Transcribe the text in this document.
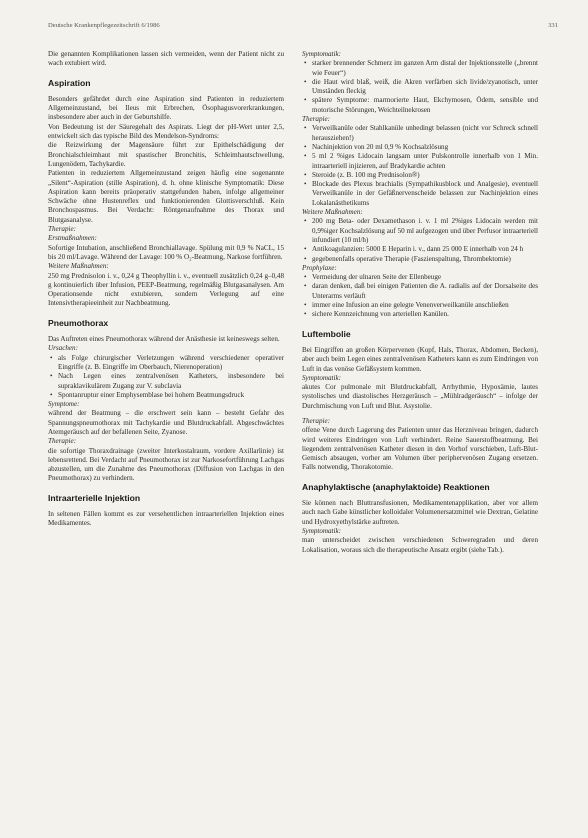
Deutsche Krankenpflegezeitschrift 6/1986	331

Die genannten Komplikationen lassen sich vermeiden, wenn der Patient nicht zu wach extubiert wird.

Aspiration

Besonders gefährdet durch eine Aspiration sind Patienten in reduziertem Allgemeinzustand, bei Ileus mit Erbrechen, Ösophagusvorerkrankungen, insbesondere aber auch in der Geburtshilfe.

Von Bedeutung ist der Säuregehalt des Aspirats. Liegt der pH-Wert unter 2,5, entwickelt sich das typische Bild des Mendelson-Syndroms:

die Reizwirkung der Magensäure führt zur Epithelschädigung der Bronchialschleimhaut mit spastischer Bronchitis, Schleimhautschwellung, Lungenödem, Tachykardie.

Patienten in reduziertem Allgemeinzustand zeigen häufig eine sogenannte „Silent“-Aspiration (stille Aspiration), d. h. ohne klinische Symptomatik: Diese Aspiration kann bereits präoperativ stattgefunden haben, infolge allgemeiner Schwäche ohne Hustenreflex und funktionierenden Glottisverschluß. Kein Bronchospasmus. Bei Verdacht: Röntgenaufnahme des Thorax und Blutgasanalyse.

Therapie:

Erstmaßnahmen:

Sofortige Intubation, anschließend Bronchiallavage. Spülung mit 0,9 % NaCL, 15 bis 20 ml/Lavage. Während der Lavage: 100 % O₂-Beatmung, Narkose fortführen.

Weitere Maßnahmen:

250 mg Prednisolon i. v., 0,24 g Theophyllin i. v., eventuell zusätzlich 0,24 g–0,48 g kontinuierlich über Infusion, PEEP-Beatmung, regelmäßig Blutgasanalysen. Am Operationsende nicht extubieren, sondern Verlegung auf eine Intensivtherapieeinheit zur Nachbeatmung.

Pneumothorax

Das Auftreten eines Pneumothorax während der Anästhesie ist keineswegs selten.

Ursachen:

• als Folge chirurgischer Verletzungen während verschiedener operativer Eingriffe (z. B. Eingriffe im Oberbauch, Nierenoperation)
• Nach Legen eines zentralvenösen Katheters, insbesondere bei supraklavikulärem Zugang zur V. subclavia
• Spontanruptur einer Emphysemblase bei hohem Beatmungsdruck

Symptome:

während der Beatmung – die erschwert sein kann – besteht Gefahr des Spannungspneumothorax mit Tachykardie und Blutdruckabfall. Abgeschwächtes Atemgeräusch auf der befallenen Seite, Zyanose.

Therapie:

die sofortige Thoraxdrainage (zweiter Interkostalraum, vordere Axillarlinie) ist lebensrettend. Bei Verdacht auf Pneumothorax ist zur Narkosefortführung Lachgas abzustellen, um die Zunahme des Pneumothorax (Diffusion von Lachgas in den Pneumothorax) zu verhindern.

Intraarterielle Injektion

In seltenen Fällen kommt es zur versehentlichen intraarteriellen Injektion eines Medikamentes.

Symptomatik:

• starker brennender Schmerz im ganzen Arm distal der Injektionsstelle („brennt wie Feuer“)
• die Haut wird blaß, weiß, die Akren verfärben sich livide/zyanotisch, unter Umständen fleckig
• spätere Symptome: marmorierte Haut, Ekchymosen, Ödem, sensible und motorische Störungen, Weichteilnekrosen

Therapie:

• Verweilkanüle oder Stahlkanüle unbedingt belassen (nicht vor Schreck schnell herausziehen!)
• Nachinjektion von 20 ml 0,9 % Kochsalzlösung
• 5 ml 2 %iges Lidocain langsam unter Pulskontrolle innerhalb von 1 Min. intraarteriell injizieren, auf Bradykardie achten
• Steroide (z. B. 100 mg Prednisolon®)
• Blockade des Plexus brachialis (Sympathikusblock und Analgesie), eventuell Verweilkanüle in der Gefäßnervenscheide belassen zur Nachinjektion eines Lokalanästhetikums

Weitere Maßnahmen:

• 200 mg Beta- oder Dexamethason i. v. 1 ml 2%iges Lidocain werden mit 0,9%iger Kochsalzlösung auf 50 ml aufgezogen und über Perfusor intraarteriell infundiert (10 ml/h)
• Antikoagulanzien: 5000 E Heparin i. v., dann 25 000 E innerhalb von 24 h
• gegebenenfalls operative Therapie (Faszienspaltung, Thrombektomie)

Prophylaxe:

• Vermeidung der ulnaren Seite der Ellenbeuge
• daran denken, daß bei einigen Patienten die A. radialis auf der Dorsalseite des Unterarms verläuft
• immer eine Infusion an eine gelegte Venenverweilkanüle anschließen
• sichere Kennzeichnung von arteriellen Kanülen.
Luftembolie

Bei Eingriffen an großen Körpervenen (Kopf, Hals, Thorax, Abdomen, Becken), aber auch beim Legen eines zentralvenösen Katheters kann es zum Eindringen von Luft in das venöse Gefäßsystem kommen.

Symptomatik:

akutes Cor pulmonale mit Blutdruckabfall, Arrhythmie, Hypoxämie, lautes systolisches und diastolisches Herzgeräusch – „Mühlradgeräusch“ – infolge der Durchmischung von Luft und Blut. Asystolie.

Therapie:

offene Vene durch Lagerung des Patienten unter das Herzniveau bringen, dadurch wird weiteres Eindringen von Luft verhindert. Reine Sauerstoffbeatmung. Bei liegendem zentralvenösen Katheter diesen in den Vorhof vorschieben, Luft-Blut-Gemisch absaugen, vorher am Volumen über periphervenösen Zugang ersetzen. Falls notwendig, Thorakotomie.

Anaphylaktische (anaphylaktoide) Reaktionen

Sie können nach Bluttransfusionen, Medikamentenapplikation, aber vor allem auch nach Gabe künstlicher kolloidaler Volumenersatzmittel wie Dextran, Gelatine und Hydroxyethylstärke auftreten.

Symptomatik:

man unterscheidet zwischen verschiedenen Schweregraden und deren Lokalisation, woraus sich die therapeutische Ansatz ergibt (siehe Tab.).
